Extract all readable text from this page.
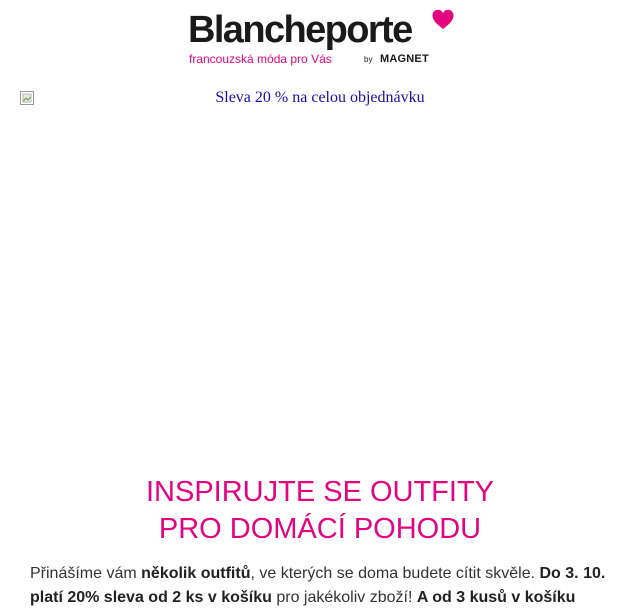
Blancheporte
francouzská móda pro Vás	by MAGNET
Sleva 20 % na celou objednávku
INSPIRUJTE SE OUTFITY
PRO DOMÁCÍ POHODU

Přinášíme vám několik outfitů, ve kterých se doma budete cítit skvěle. Do 3. 10. platí 20% sleva od 2 ks v košíku pro jakékoliv zboží! A od 3 kusů v košíku
